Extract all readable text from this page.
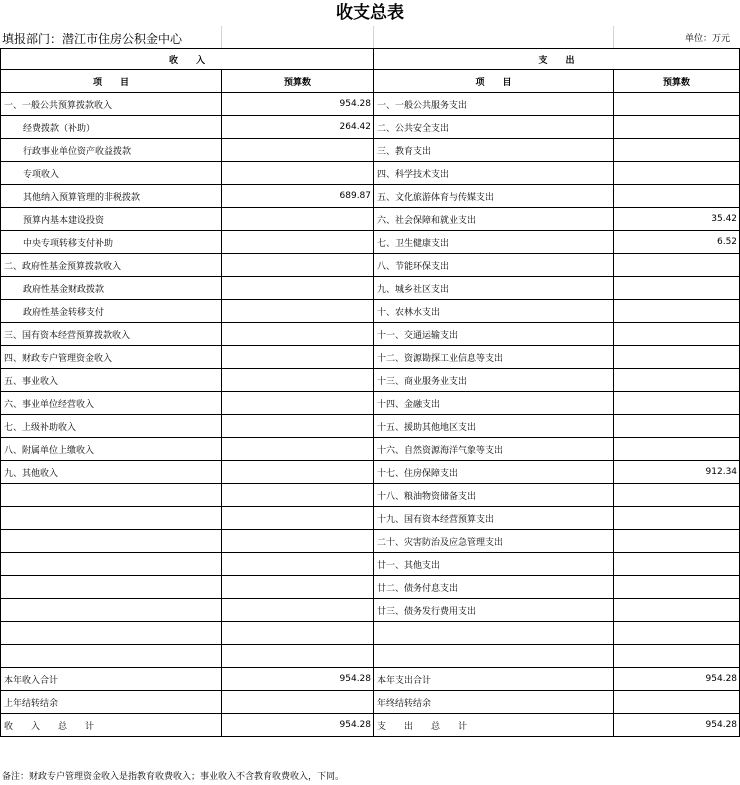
收支总表
填报部门：潜江市住房公积金中心	单位：万元
收　　入		支　　出	
项　　目	预算数	项　　目	预算数
一、一般公共预算拨款收入	954.28	一、一般公共服务支出	
经费拨款（补助）	264.42	二、公共安全支出	
行政事业单位资产收益拨款		三、教育支出	
专项收入		四、科学技术支出	
其他纳入预算管理的非税拨款	689.87	五、文化旅游体育与传媒支出	
预算内基本建设投资		六、社会保障和就业支出	35.42
中央专项转移支付补助		七、卫生健康支出	6.52
二、政府性基金预算拨款收入		八、节能环保支出	
政府性基金财政拨款		九、城乡社区支出	
政府性基金转移支付		十、农林水支出	
三、国有资本经营预算拨款收入		十一、交通运输支出	
四、财政专户管理资金收入		十二、资源勘探工业信息等支出	
五、事业收入		十三、商业服务业支出	
六、事业单位经营收入		十四、金融支出	
七、上级补助收入		十五、援助其他地区支出	
八、附属单位上缴收入		十六、自然资源海洋气象等支出	
九、其他收入		十七、住房保障支出	912.34
		十八、粮油物资储备支出	
		十九、国有资本经营预算支出	
		二十、灾害防治及应急管理支出	
		廿一、其他支出	
		廿二、债务付息支出	
		廿三、债务发行费用支出	

本年收入合计	954.28	本年支出合计	954.28
上年结转结余		年终结转结余	
收　　入　　总　　计	954.28	支　　出　　总　　计	954.28
备注：财政专户管理资金收入是指教育收费收入；事业收入不含教育收费收入，下同。
